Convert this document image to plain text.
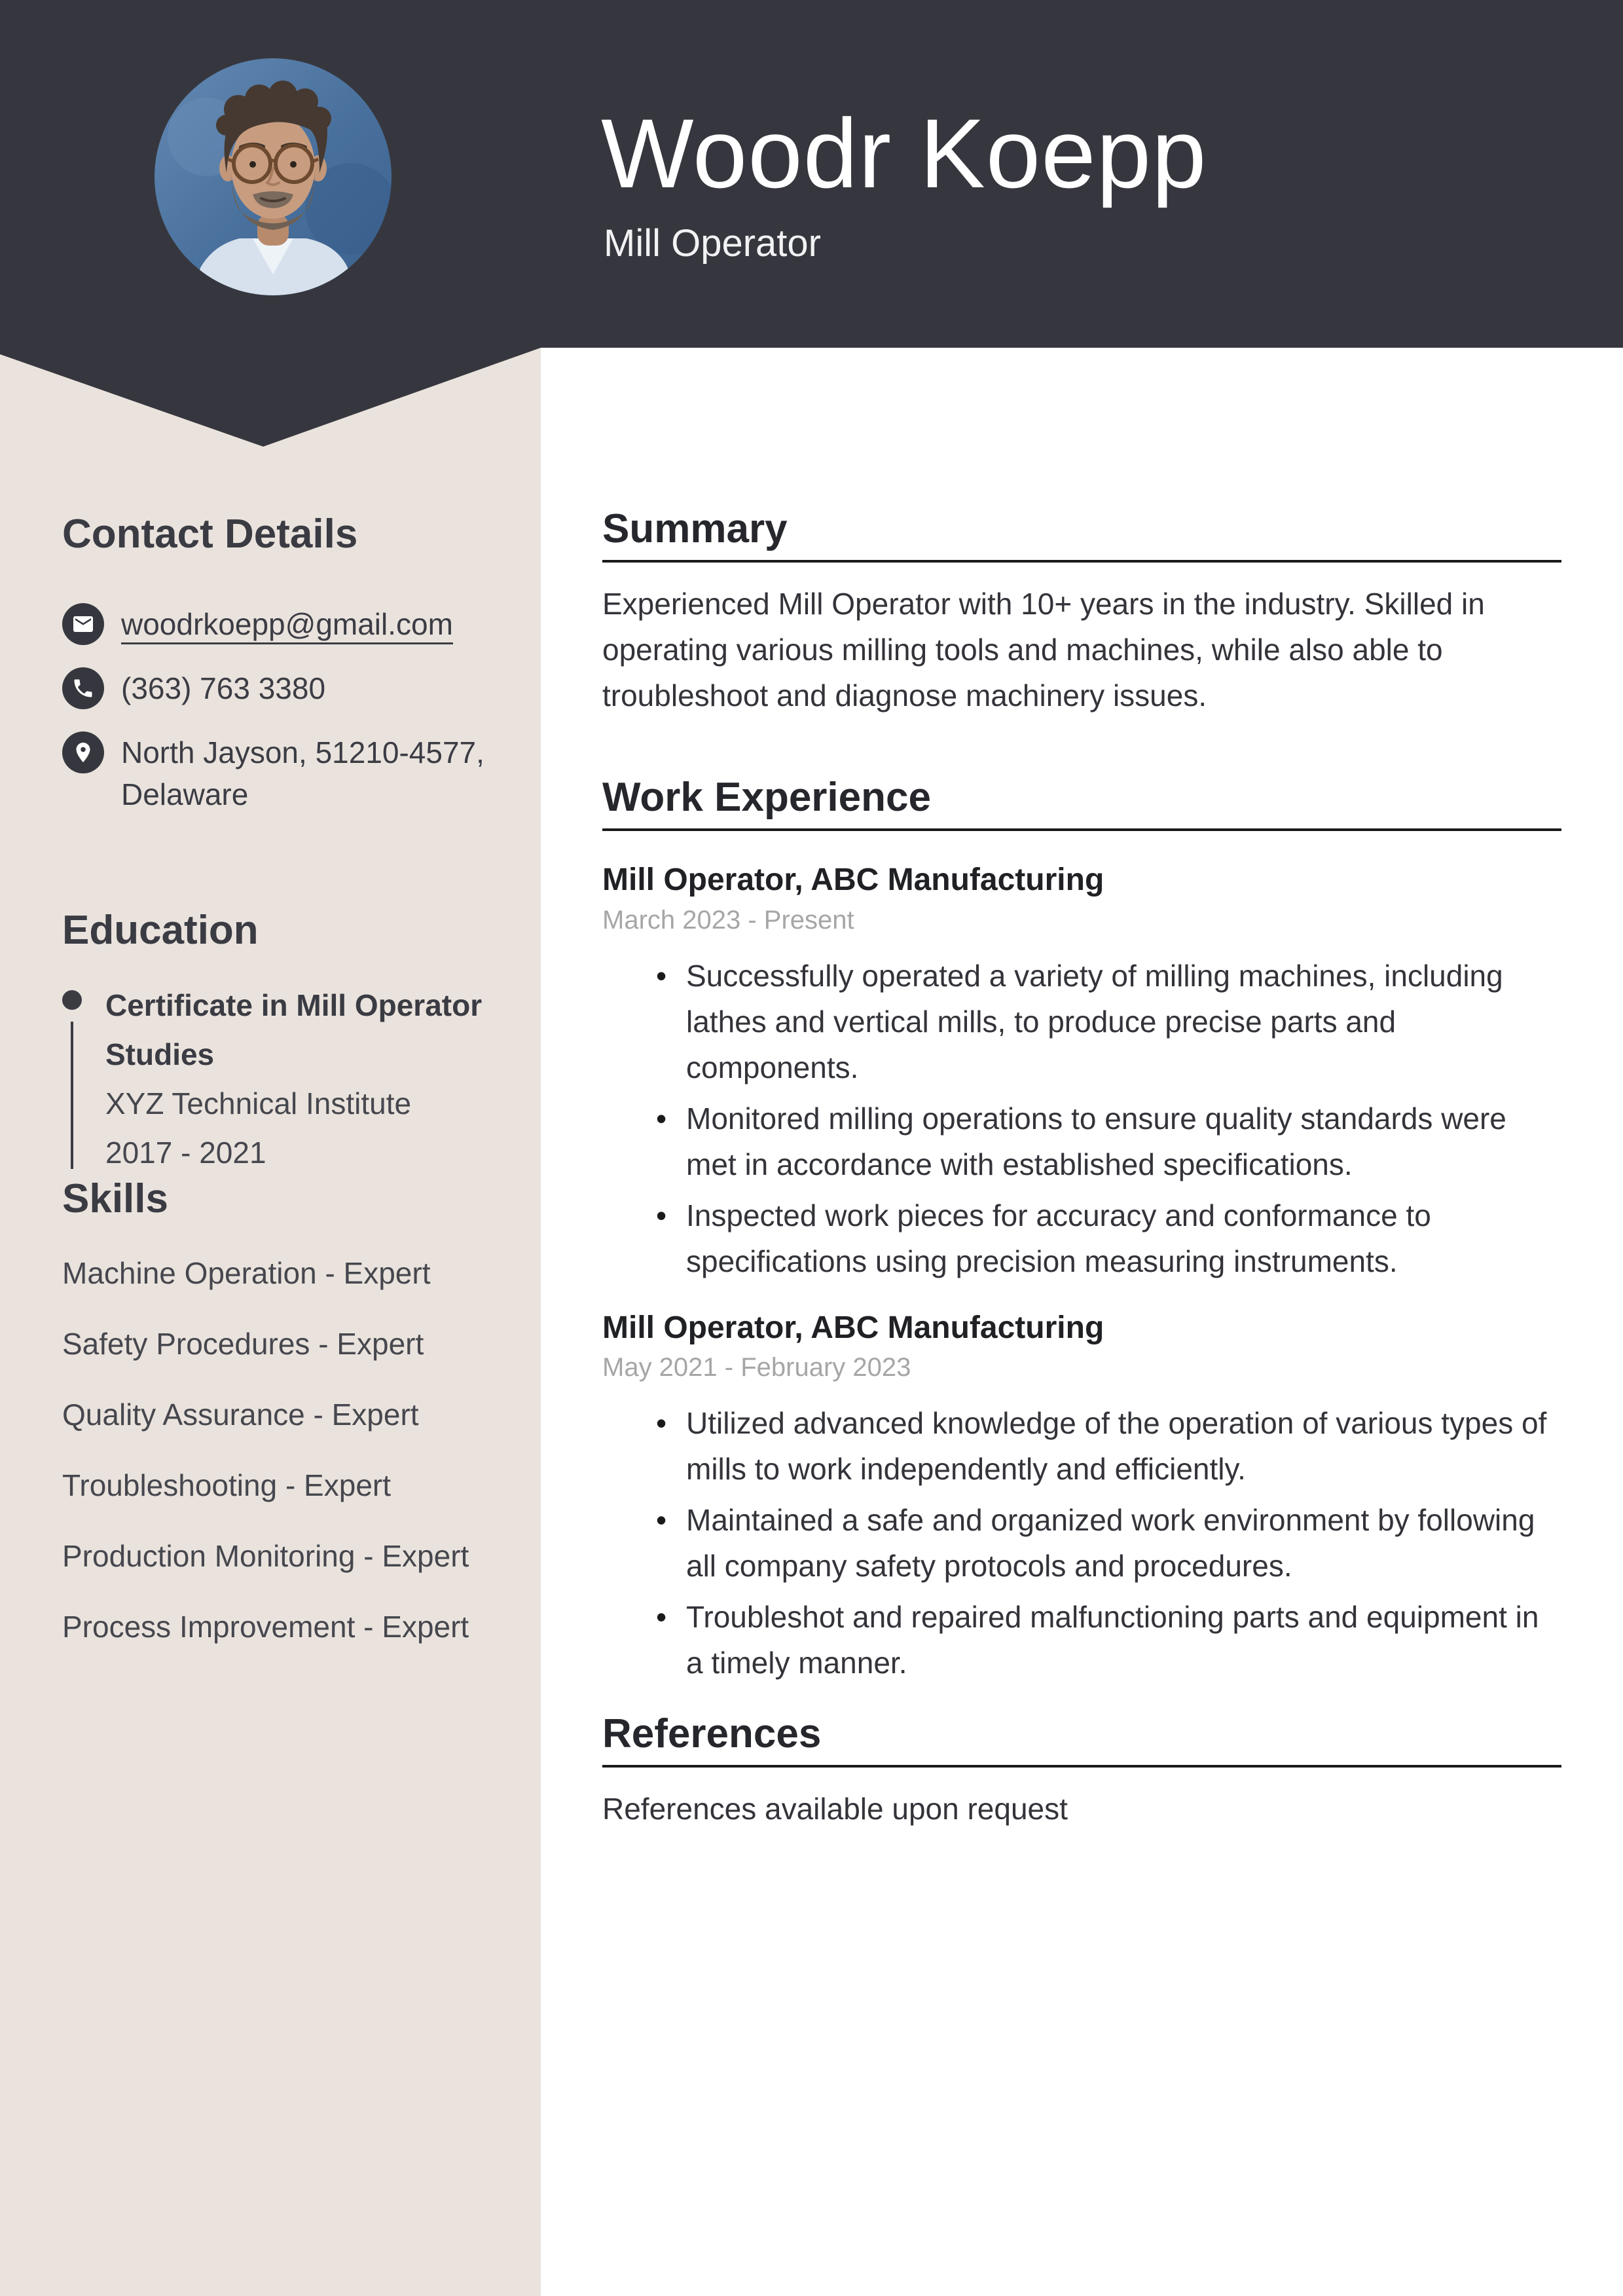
Woodr Koepp
Mill Operator
Contact Details
woodrkoepp@gmail.com
(363) 763 3380
North Jayson, 51210-4577,
Delaware
Education
Certificate in Mill Operator Studies
XYZ Technical Institute
2017 - 2021
Skills
Machine Operation - Expert
Safety Procedures - Expert
Quality Assurance - Expert
Troubleshooting - Expert
Production Monitoring - Expert
Process Improvement - Expert
Summary
Experienced Mill Operator with 10+ years in the industry. Skilled in operating various milling tools and machines, while also able to troubleshoot and diagnose machinery issues.
Work Experience
Mill Operator, ABC Manufacturing
March 2023 - Present
• Successfully operated a variety of milling machines, including lathes and vertical mills, to produce precise parts and components.
• Monitored milling operations to ensure quality standards were met in accordance with established specifications.
• Inspected work pieces for accuracy and conformance to specifications using precision measuring instruments.
Mill Operator, ABC Manufacturing
May 2021 - February 2023
• Utilized advanced knowledge of the operation of various types of mills to work independently and efficiently.
• Maintained a safe and organized work environment by following all company safety protocols and procedures.
• Troubleshot and repaired malfunctioning parts and equipment in a timely manner.
References
References available upon request
